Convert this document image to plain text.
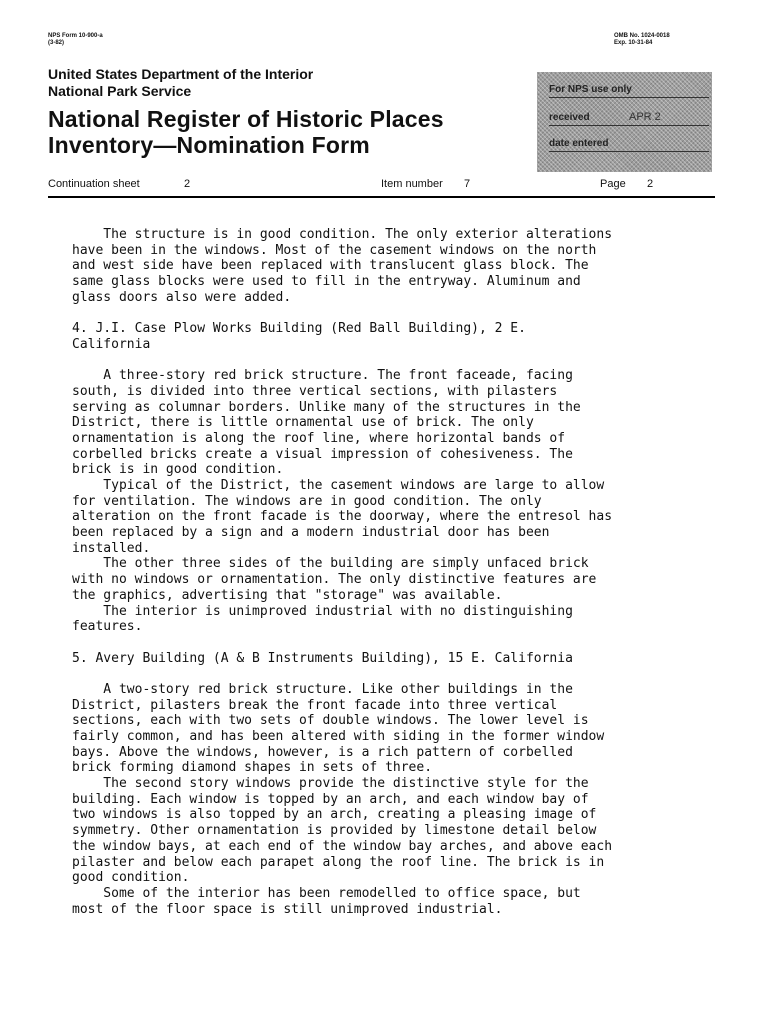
NPS Form 10-900-a
(3-82)
OMB No. 1024-0018
Exp. 10-31-84
United States Department of the Interior
National Park Service
National Register of Historic Places
Inventory—Nomination Form
For NPS use only
received	APR 2
date entered
Continuation sheet	2	Item number 7	Page 2
The structure is in good condition. The only exterior alterations
have been in the windows. Most of the casement windows on the north
and west side have been replaced with translucent glass block. The
same glass blocks were used to fill in the entryway. Aluminum and
glass doors also were added.
4. J.I. Case Plow Works Building (Red Ball Building), 2 E.
California
A three-story red brick structure. The front faceade, facing
south, is divided into three vertical sections, with pilasters
serving as columnar borders. Unlike many of the structures in the
District, there is little ornamental use of brick. The only
ornamentation is along the roof line, where horizontal bands of
corbelled bricks create a visual impression of cohesiveness. The
brick is in good condition.
Typical of the District, the casement windows are large to allow
for ventilation. The windows are in good condition. The only
alteration on the front facade is the doorway, where the entresol has
been replaced by a sign and a modern industrial door has been
installed.
The other three sides of the building are simply unfaced brick
with no windows or ornamentation. The only distinctive features are
the graphics, advertising that "storage" was available.
The interior is unimproved industrial with no distinguishing
features.
5. Avery Building (A & B Instruments Building), 15 E. California
A two-story red brick structure. Like other buildings in the
District, pilasters break the front facade into three vertical
sections, each with two sets of double windows. The lower level is
fairly common, and has been altered with siding in the former window
bays. Above the windows, however, is a rich pattern of corbelled
brick forming diamond shapes in sets of three.
The second story windows provide the distinctive style for the
building. Each window is topped by an arch, and each window bay of
two windows is also topped by an arch, creating a pleasing image of
symmetry. Other ornamentation is provided by limestone detail below
the window bays, at each end of the window bay arches, and above each
pilaster and below each parapet along the roof line. The brick is in
good condition.
Some of the interior has been remodelled to office space, but
most of the floor space is still unimproved industrial.
